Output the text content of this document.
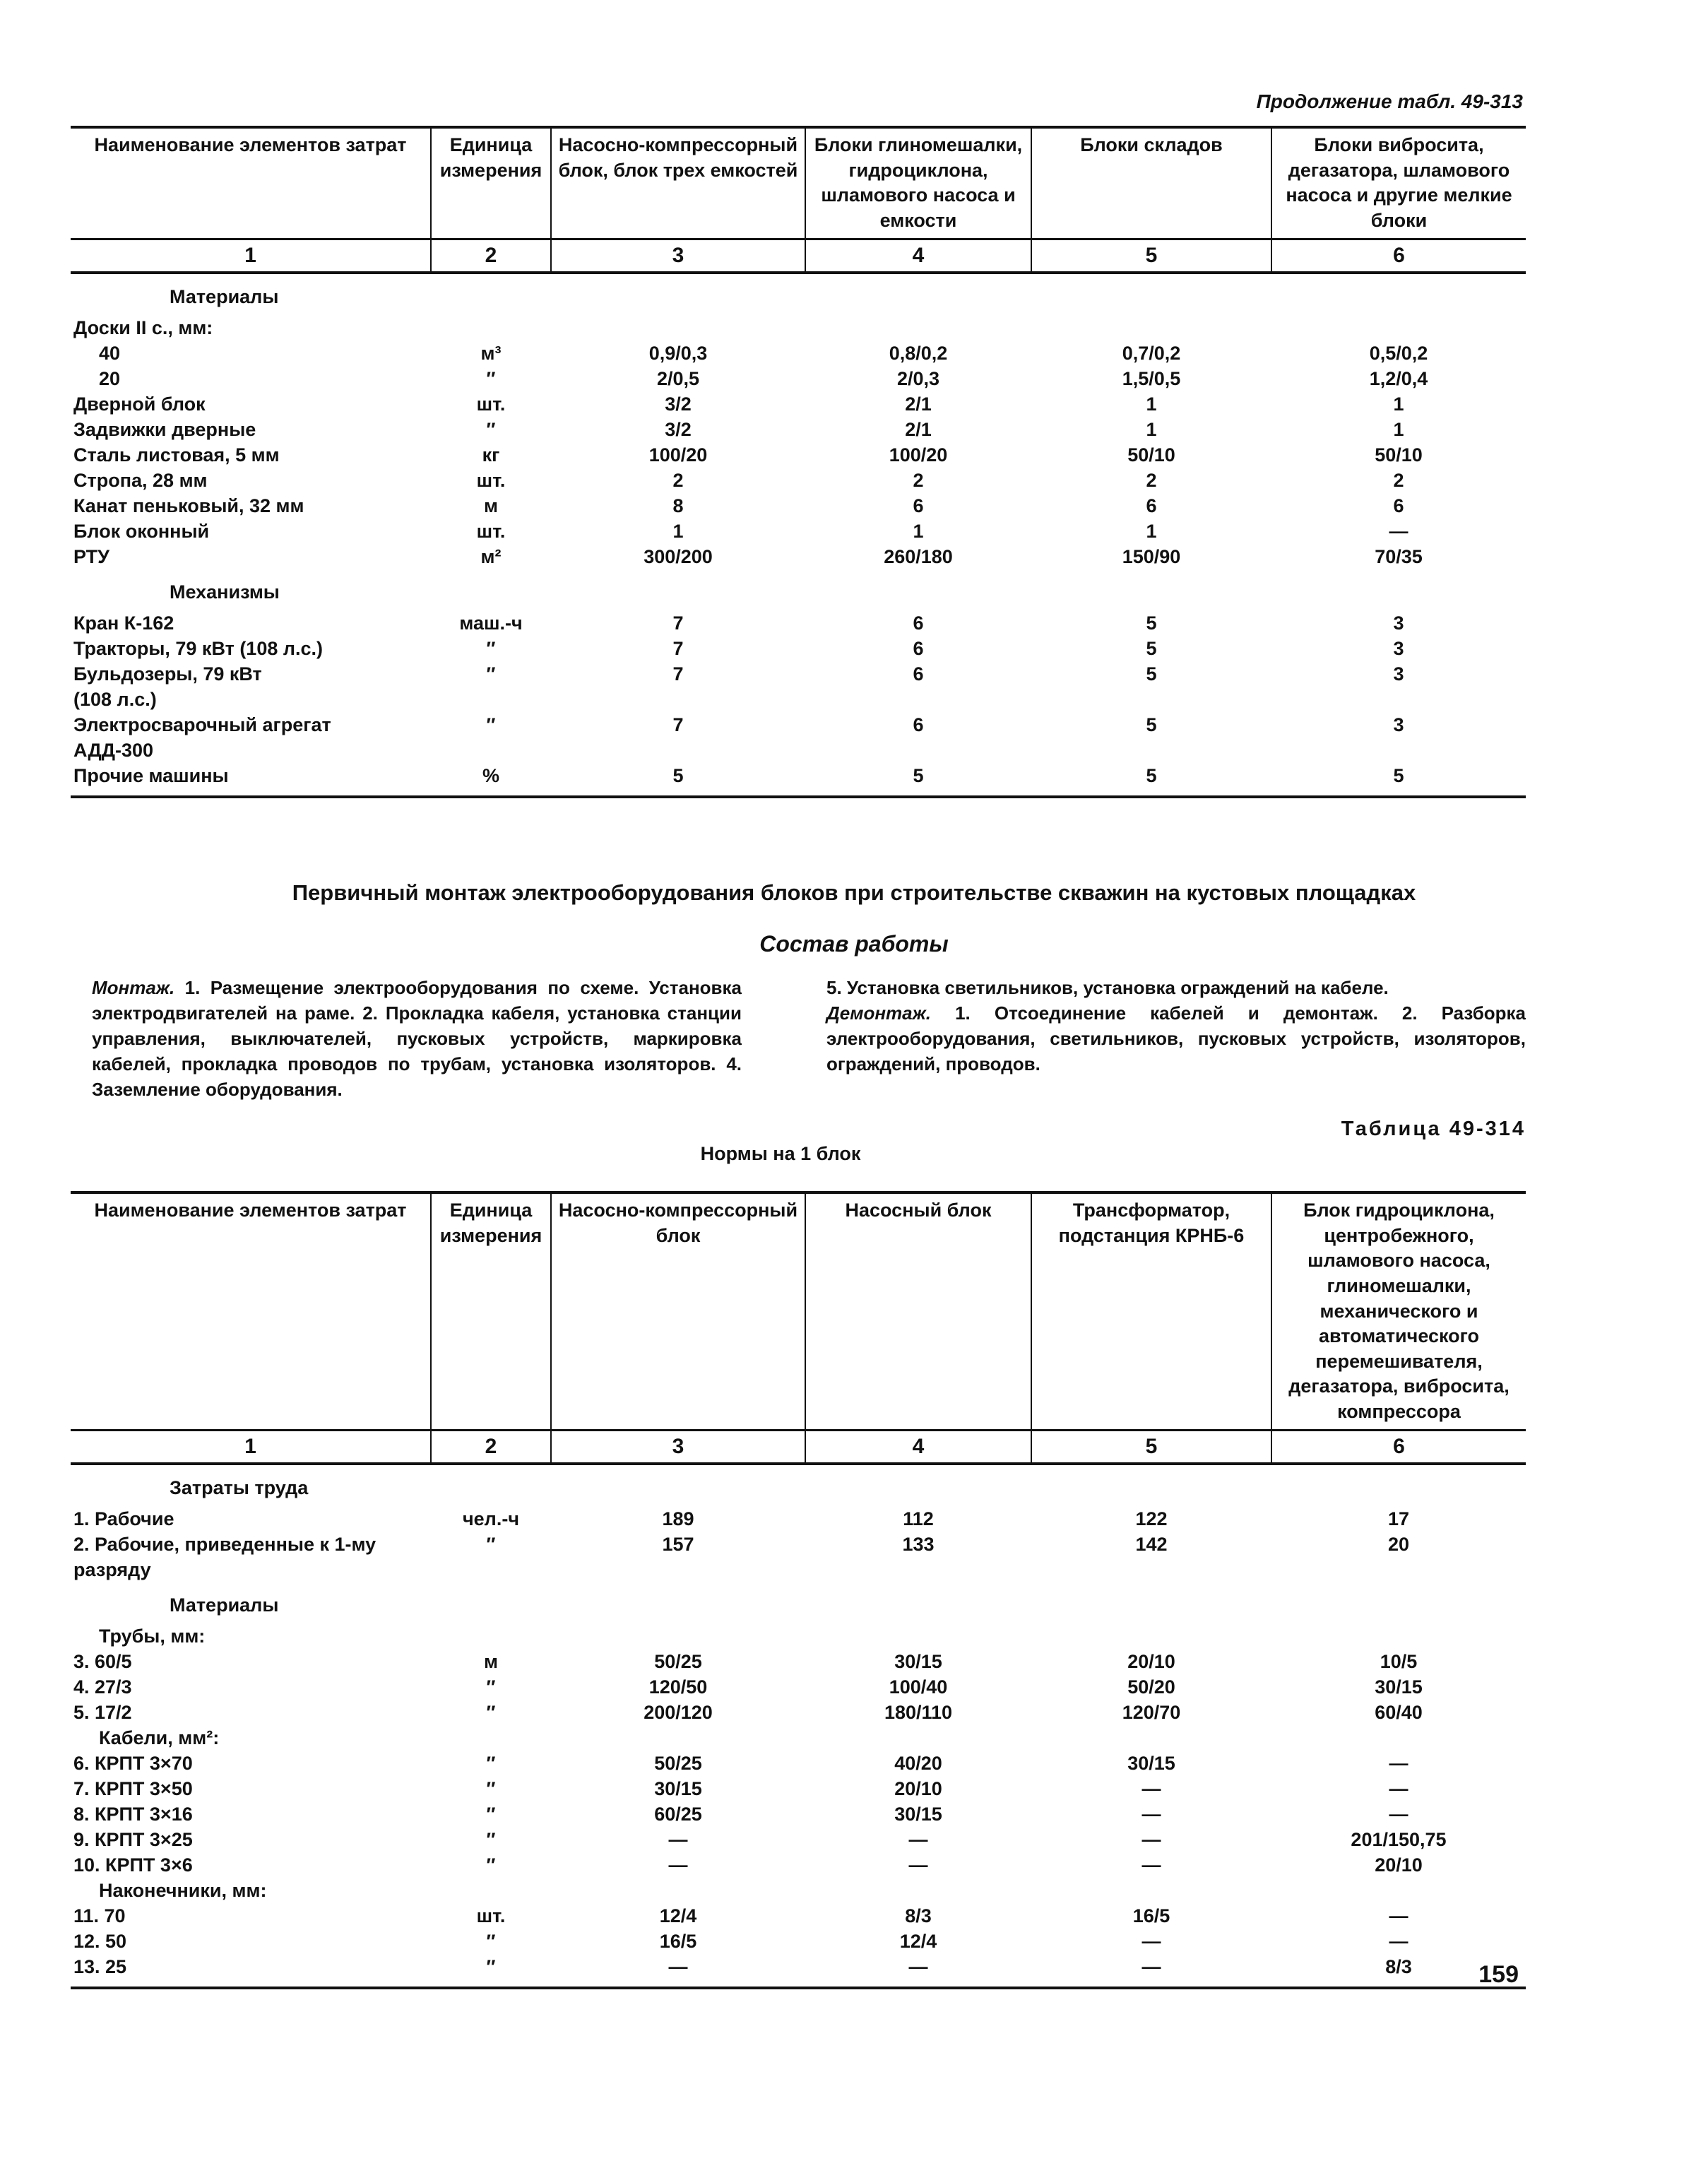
Продолжение табл. 49-313
Наименование элементов затрат	Единица измерения	Насосно-компрессорный блок, блок трех емкостей	Блоки глиномешалки, гидроциклона, шламового насоса и емкости	Блоки складов	Блоки вибросита, дегазатора, шламового насоса и другие мелкие блоки
1	2	3	4	5	6
Материалы					
Доски II с., мм:					
40	м³	0,9/0,3	0,8/0,2	0,7/0,2	0,5/0,2
20	″	2/0,5	2/0,3	1,5/0,5	1,2/0,4
Дверной блок	шт.	3/2	2/1	1	1
Задвижки дверные	″	3/2	2/1	1	1
Сталь листовая, 5 мм	кг	100/20	100/20	50/10	50/10
Стропа, 28 мм	шт.	2	2	2	2
Канат пеньковый, 32 мм	м	8	6	6	6
Блок оконный	шт.	1	1	1	—
РТУ	м²	300/200	260/180	150/90	70/35
Механизмы					
Кран К-162	маш.-ч	7	6	5	3
Тракторы, 79 кВт (108 л.с.)	″	7	6	5	3
Бульдозеры, 79 кВт	″	7	6	5	3
(108 л.с.)					
Электросварочный агрегат	″	7	6	5	3
АДД-300					
Прочие машины	%	5	5	5	5
Первичный монтаж электрооборудования блоков при строительстве скважин на кустовых площадках
Состав работы
Монтаж. 1. Размещение электрооборудования по схеме. Установка электродвигателей на раме. 2. Прокладка кабеля, установка станции управления, выключателей, пусковых устройств, маркировка кабелей, прокладка проводов по трубам, установка изоляторов. 4. Заземление оборудования.
5. Установка светильников, установка ограждений на кабеле.
Демонтаж. 1. Отсоединение кабелей и демонтаж. 2. Разборка электрооборудования, светильников, пусковых устройств, изоляторов, ограждений, проводов.
Таблица 49-314
Нормы на 1 блок
Наименование элементов затрат	Единица измерения	Насосно-компрессорный блок	Насосный блок	Трансформатор, подстанция КРНБ-6	Блок гидроциклона, центробежного, шламового насоса, глиномешалки, механического и автоматического перемешивателя, дегазатора, вибросита, компрессора
1	2	3	4	5	6
Затраты труда					
1. Рабочие	чел.-ч	189	112	122	17
2. Рабочие, приведенные к 1-му	″	157	133	142	20
разряду					
Материалы					
Трубы, мм:					
3. 60/5	м	50/25	30/15	20/10	10/5
4. 27/3	″	120/50	100/40	50/20	30/15
5. 17/2	″	200/120	180/110	120/70	60/40
Кабели, мм²:					
6. КРПТ 3×70	″	50/25	40/20	30/15	—
7. КРПТ 3×50	″	30/15	20/10	—	—
8. КРПТ 3×16	″	60/25	30/15	—	—
9. КРПТ 3×25	″	—	—	—	201/150,75
10. КРПТ 3×6	″	—	—	—	20/10
Наконечники, мм:					
11. 70	шт.	12/4	8/3	16/5	—
12. 50	″	16/5	12/4	—	—
13. 25	″	—	—	—	8/3	159
